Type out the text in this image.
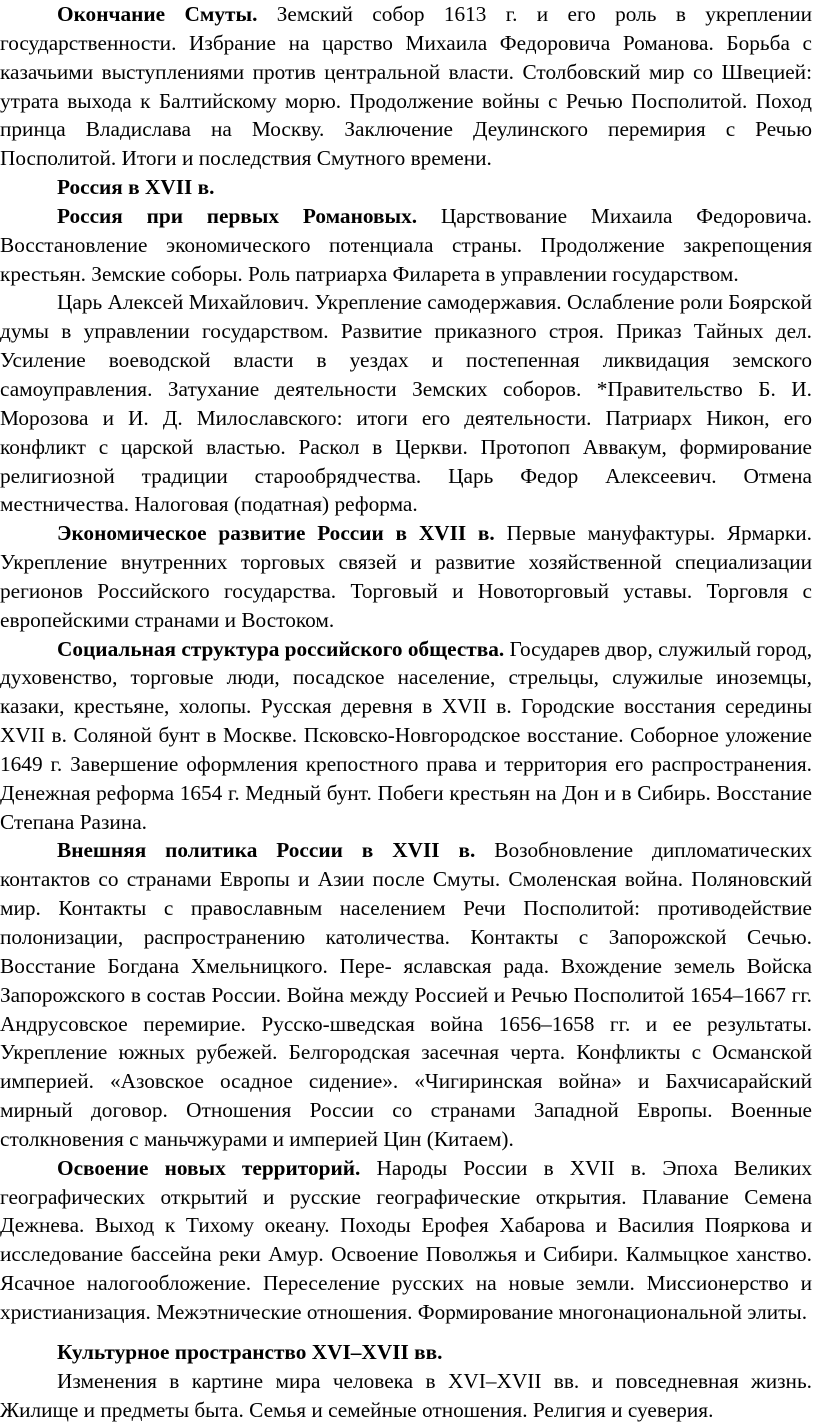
Окончание Смуты. Земский собор 1613 г. и его роль в укреплении государственности. Избрание на царство Михаила Федоровича Романова. Борьба с казачьими выступлениями против центральной власти. Столбовский мир со Швецией: утрата выхода к Балтийскому морю. Продолжение войны с Речью Посполитой. Поход принца Владислава на Москву. Заключение Деулинского перемирия с Речью Посполитой. Итоги и последствия Смутного времени.

Россия в XVII в.

Россия при первых Романовых. Царствование Михаила Федоровича. Восстановление экономического потенциала страны. Продолжение закрепощения крестьян. Земские соборы. Роль патриарха Филарета в управлении государством.

Царь Алексей Михайлович. Укрепление самодержавия. Ослабление роли Боярской думы в управлении государством. Развитие приказного строя. Приказ Тайных дел. Усиление воеводской власти в уездах и постепенная ликвидация земского самоуправления. Затухание деятельности Земских соборов. *Правительство Б. И. Морозова и И. Д. Милославского: итоги его деятельности. Патриарх Никон, его конфликт с царской властью. Раскол в Церкви. Протопоп Аввакум, формирование религиозной традиции старообрядчества. Царь Федор Алексеевич. Отмена местничества. Налоговая (податная) реформа.

Экономическое развитие России в XVII в. Первые мануфактуры. Ярмарки. Укрепление внутренних торговых связей и развитие хозяйственной специализации регионов Российского государства. Торговый и Новоторговый уставы. Торговля с европейскими странами и Востоком.

Социальная структура российского общества. Государев двор, служилый город, духовенство, торговые люди, посадское население, стрельцы, служилые иноземцы, казаки, крестьяне, холопы. Русская деревня в XVII в. Городские восстания середины XVII в. Соляной бунт в Москве. Псковско-Новгородское восстание. Соборное уложение 1649 г. Завершение оформления крепостного права и территория его распространения. Денежная реформа 1654 г. Медный бунт. Побеги крестьян на Дон и в Сибирь. Восстание Степана Разина.

Внешняя политика России в XVII в. Возобновление дипломатических контактов со странами Европы и Азии после Смуты. Смоленская война. Поляновский мир. Контакты с православным населением Речи Посполитой: противодействие полонизации, распространению католичества. Контакты с Запорожской Сечью. Восстание Богдана Хмельницкого. Пере- яславская рада. Вхождение земель Войска Запорожского в состав России. Война между Россией и Речью Посполитой 1654–1667 гг. Андрусовское перемирие. Русско-шведская война 1656–1658 гг. и ее результаты. Укрепление южных рубежей. Белгородская засечная черта. Конфликты с Османской империей. «Азовское осадное сидение». «Чигиринская война» и Бахчисарайский мирный договор. Отношения России со странами Западной Европы. Военные столкновения с маньчжурами и империей Цин (Китаем).

Освоение новых территорий. Народы России в XVII в. Эпоха Великих географических открытий и русские географические открытия. Плавание Семена Дежнева. Выход к Тихому океану. Походы Ерофея Хабарова и Василия Пояркова и исследование бассейна реки Амур. Освоение Поволжья и Сибири. Калмыцкое ханство. Ясачное налогообложение. Переселение русских на новые земли. Миссионерство и христианизация. Межэтнические отношения. Формирование многонациональной элиты.

Культурное пространство XVI–XVII вв.

Изменения в картине мира человека в XVI–XVII вв. и повседневная жизнь. Жилище и предметы быта. Семья и семейные отношения. Религия и суеверия.
